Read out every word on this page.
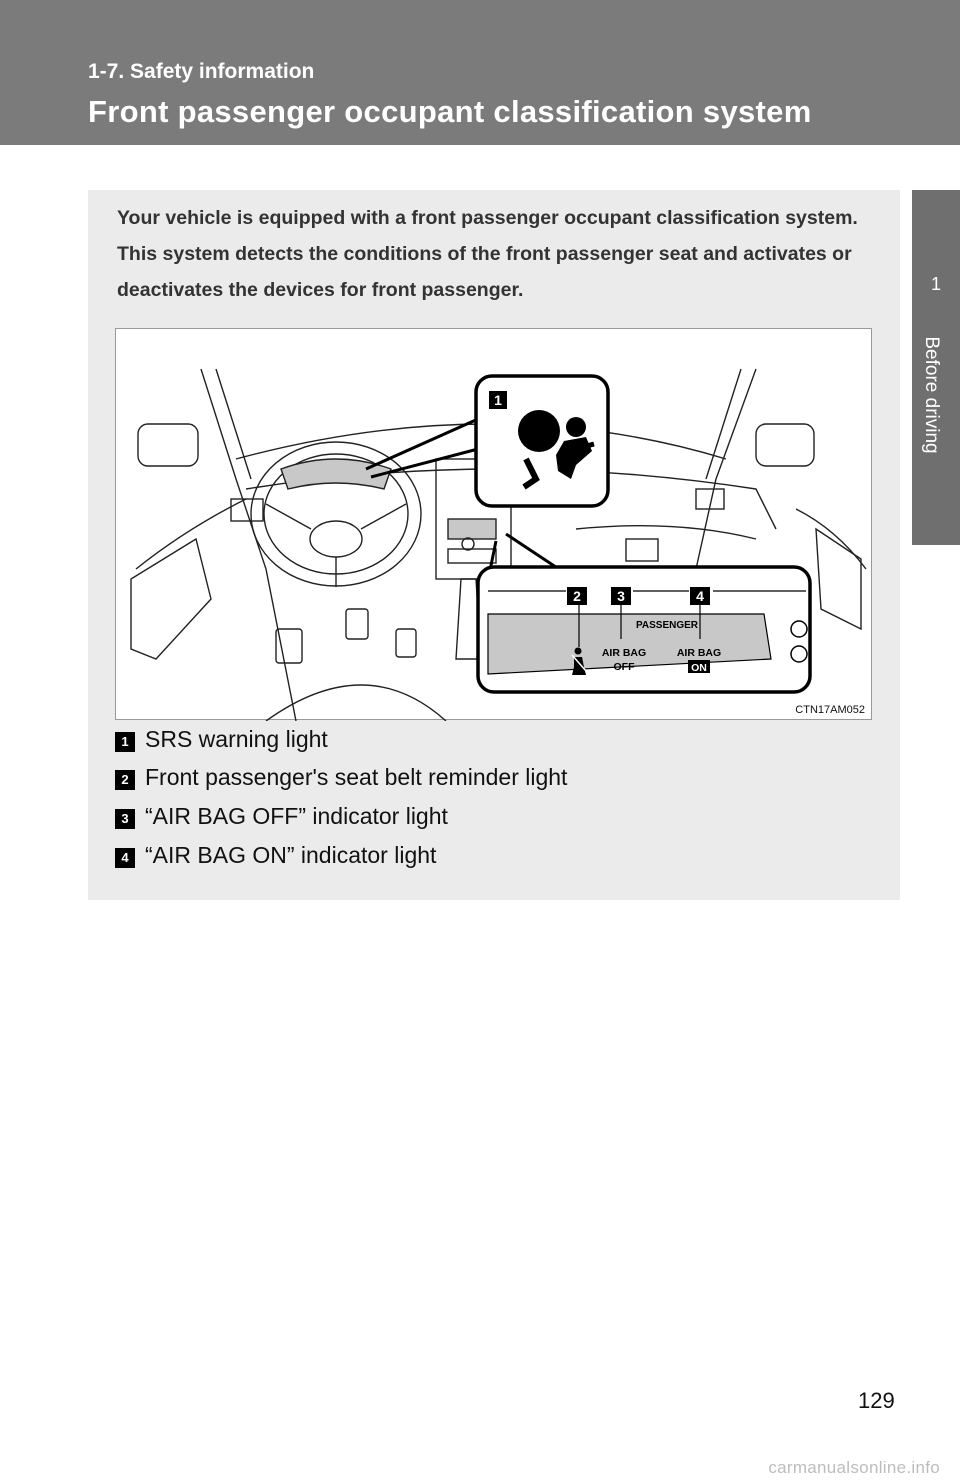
1-7. Safety information
Front passenger occupant classification system
1
Before driving
Your vehicle is equipped with a front passenger occupant classification system. This system detects the conditions of the front passenger seat and activates or deactivates the devices for front passenger.
1
2	3	4
PASSENGER
AIR BAG
OFF
AIR BAG
ON
CTN17AM052
1 SRS warning light
2 Front passenger's seat belt reminder light
3 “AIR BAG OFF” indicator light
4 “AIR BAG ON” indicator light
129
carmanualsonline.info
